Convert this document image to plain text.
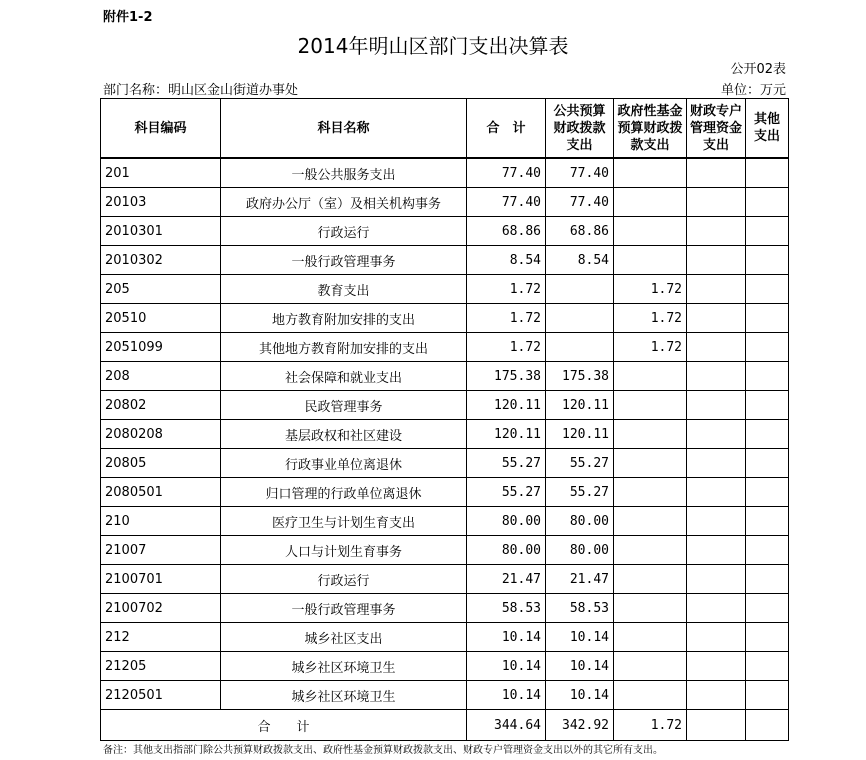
附件1-2
2014年明山区部门支出决算表
公开02表
部门名称：明山区金山街道办事处	单位：万元
科目编码	科目名称	合　计	公共预算财政拨款支出	政府性基金预算财政拨款支出	财政专户管理资金支出	其他支出
201	一般公共服务支出	77.40	77.40			
20103	政府办公厅（室）及相关机构事务	77.40	77.40			
2010301	行政运行	68.86	68.86			
2010302	一般行政管理事务	8.54	8.54			
205	教育支出	1.72		1.72		
20510	地方教育附加安排的支出	1.72		1.72		
2051099	其他地方教育附加安排的支出	1.72		1.72		
208	社会保障和就业支出	175.38	175.38			
20802	民政管理事务	120.11	120.11			
2080208	基层政权和社区建设	120.11	120.11			
20805	行政事业单位离退休	55.27	55.27			
2080501	归口管理的行政单位离退休	55.27	55.27			
210	医疗卫生与计划生育支出	80.00	80.00			
21007	人口与计划生育事务	80.00	80.00			
2100701	行政运行	21.47	21.47			
2100702	一般行政管理事务	58.53	58.53			
212	城乡社区支出	10.14	10.14			
21205	城乡社区环境卫生	10.14	10.14			
2120501	城乡社区环境卫生	10.14	10.14			
合　　计		344.64	342.92	1.72		
备注：其他支出指部门除公共预算财政拨款支出、政府性基金预算财政拨款支出、财政专户管理资金支出以外的其它所有支出。
